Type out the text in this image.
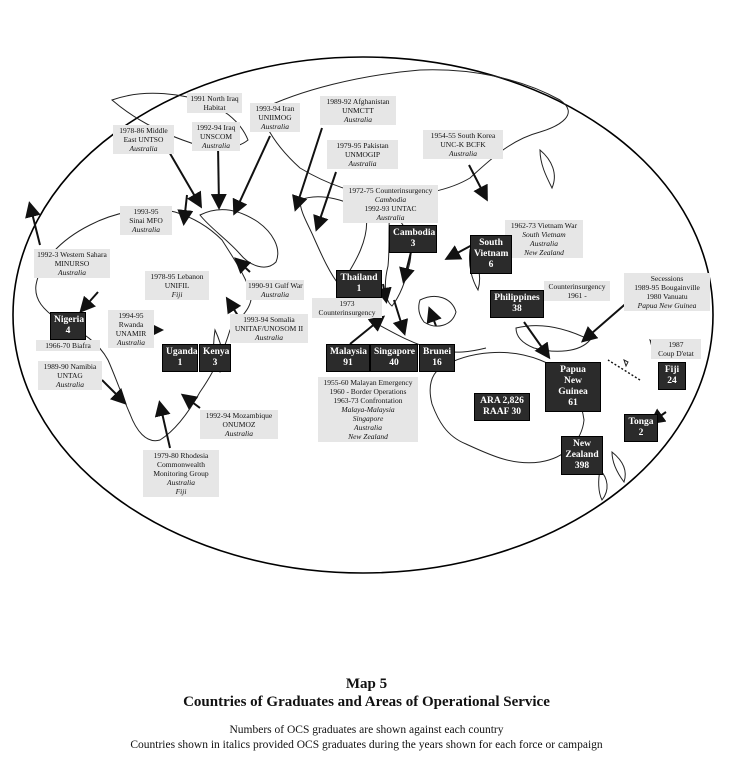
1991 North Iraq
Habitat
1992-94 Iraq
UNSCOM
Australia
1993-94 Iran
UNIIMOG
Australia
1978-86 Middle
East UNTSO
Australia
1989-92 Afghanistan
UNMCTT
Australia
1979-95 Pakistan
UNMOGIP
Australia
1954-55 South Korea
UNC-K BCFK
Australia
1972-75 Counterinsurgency
Cambodia
1992-93 UNTAC
Australia
1993-95
Sinai MFO
Australia
1992-3 Western Sahara
MINURSO
Australia	1978-95 Lebanon
UNIFIL
Fiji
1990-91 Gulf War
Australia
1962-73 Vietnam War
South Vietnam
Australia
New Zealand
Counterinsurgency
1961 -
Secessions
1989-95 Bougainville
1980 Vanuatu
Papua New Guinea
1994-95
Rwanda
UNAMIR
Australia
1966-70 Biafra
1993-94 Somalia
UNITAF/UNOSOM II
Australia
1973
Counterinsurgency
1989-90 Namibia
UNTAG
Australia
1992-94 Mozambique
ONUMOZ
Australia
1979-80 Rhodesia
Commonwealth
Monitoring Group
Australia
Fiji
1955-60 Malayan Emergency
1960 - Border Operations
1963-73 Confrontation
Malaya-Malaysia
Singapore
Australia
New Zealand
1987
Coup D'etat
Nigeria
4
Uganda
1
Kenya
3
Thailand
1
Cambodia
3	South
Vietnam
6
Philippines
38
Malaysia
91
Singapore
40
Brunei
16
Papua
New Guinea
61
Fiji
24
Tonga
2
New
Zealand
398
ARA 2,826
RAAF 30
Map 5
Countries of Graduates and Areas of Operational Service
Numbers of OCS graduates are shown against each country
Countries shown in italics provided OCS graduates during the years shown for each force or campaign
